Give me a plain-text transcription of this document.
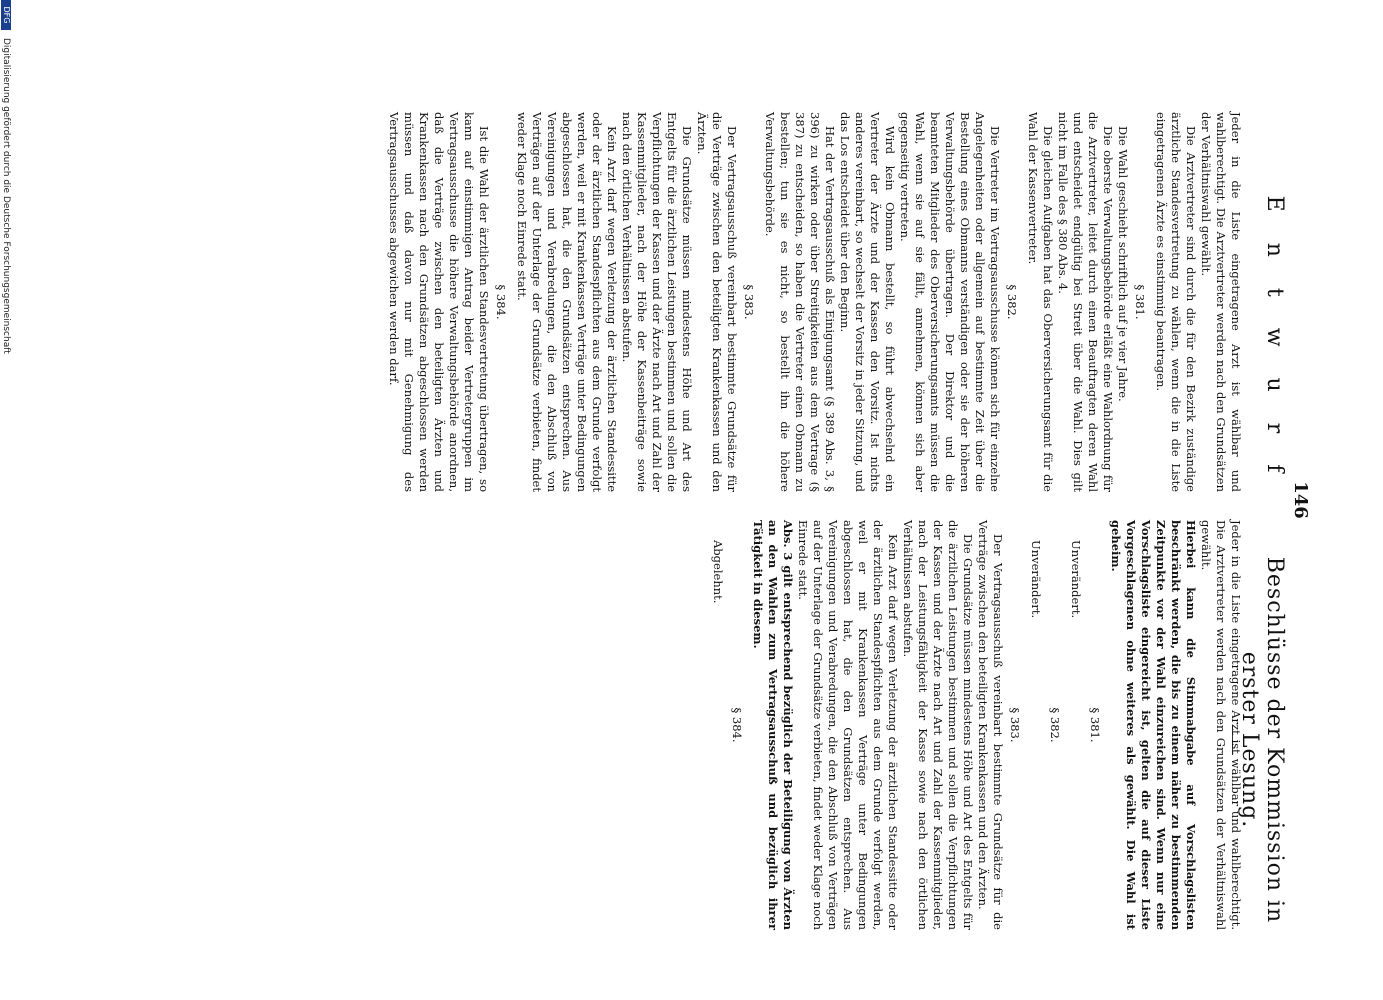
146
E n t w u r f
Beschlüsse der Kommission in erster Lesung.

Jeder in die Liste eingetragene Arzt ist wählbar und wahlberechtigt. Die Arztvertreter werden nach den Grundsätzen der Verhältniswahl gewählt.

Die Arztvertreter sind durch die für den Bezirk zuständige ärztliche Standesvertretung zu wählen, wenn die in die Liste eingetragenen Ärzte es einstimmig beantragen.

§ 381.

Die Wahl geschieht schriftlich auf je vier Jahre.

Die oberste Verwaltungsbehörde erläßt eine Wahlordnung für die Arztvertreter, leitet durch einen Beauftragten deren Wahl und entscheidet endgültig bei Streit über die Wahl. Dies gilt nicht im Falle des § 380 Abs. 4.

Die gleichen Aufgaben hat das Oberversicherungsamt für die Wahl der Kassenvertreter.

§ 382.

Die Vertreter im Vertragsausschusse können sich für einzelne Angelegenheiten oder allgemein auf bestimmte Zeit über die Bestellung eines Obmanns verständigen oder sie der höheren Verwaltungsbehörde übertragen. Der Direktor und die beamteten Mitglieder des Oberversicherungsamts müssen die Wahl, wenn sie auf sie fällt, annehmen, können sich aber gegenseitig vertreten.

Wird kein Obmann bestellt, so führt abwechselnd ein Vertreter der Ärzte und der Kassen den Vorsitz. Ist nichts anderes vereinbart, so wechselt der Vorsitz in jeder Sitzung, und das Los entscheidet über den Beginn.

Hat der Vertragsausschuß als Einigungsamt (§ 389 Abs. 3, § 396) zu wirken oder über Streitigkeiten aus dem Vertrage (§ 387) zu entscheiden, so haben die Vertreter einen Obmann zu bestellen; tun sie es nicht, so bestellt ihn die höhere Verwaltungsbehörde.

§ 383.

Der Vertragsausschuß vereinbart bestimmte Grundsätze für die Verträge zwischen den beteiligten Krankenkassen und den Ärzten.

Die Grundsätze müssen mindestens Höhe und Art des Entgelts für die ärztlichen Leistungen bestimmen und sollen die Verpflichtungen der Kassen und der Ärzte nach Art und Zahl der Kassenmitglieder, nach der Höhe der Kassenbeiträge sowie nach den örtlichen Verhältnissen abstufen.

Kein Arzt darf wegen Verletzung der ärztlichen Standessitte oder der ärztlichen Standespflichten aus dem Grunde verfolgt werden, weil er mit Krankenkassen Verträge unter Bedingungen abgeschlossen hat, die den Grundsätzen entsprechen. Aus Vereinigungen und Verabredungen, die den Abschluß von Verträgen auf der Unterlage der Grundsätze verbieten, findet weder Klage noch Einrede statt.

§ 384.

Ist die Wahl der ärztlichen Standesvertretung übertragen, so kann auf einstimmigen Antrag beider Vertretergruppen im Vertragsausschusse die höhere Verwaltungsbehörde anordnen, daß die Verträge zwischen den beteiligten Ärzten und Krankenkassen nach den Grundsätzen abgeschlossen werden müssen und daß davon nur mit Genehmigung des Vertragsausschusses abgewichen werden darf.

Jeder in die Liste eingetragene Arzt ist wählbar und wahlberechtigt. Die Arztvertreter werden nach den Grundsätzen der Verhältniswahl gewählt.

Hierbei kann die Stimmabgabe auf Vorschlagslisten beschränkt werden, die bis zu einem näher zu bestimmenden Zeitpunkte vor der Wahl einzureichen sind. Wenn nur eine Vorschlagsliste eingereicht ist, gelten die auf dieser Liste Vorgeschlagenen ohne weiteres als gewählt. Die Wahl ist geheim.

§ 381.

Unverändert.

§ 382.

Unverändert.

§ 383.

Der Vertragsausschuß vereinbart bestimmte Grundsätze für die Verträge zwischen den beteiligten Krankenkassen und den Ärzten.

Die Grundsätze müssen mindestens Höhe und Art des Entgelts für die ärztlichen Leistungen bestimmen und sollen die Verpflichtungen der Kassen und der Ärzte nach Art und Zahl der Kassenmitglieder, nach der Leistungsfähigkeit der Kasse sowie nach den örtlichen Verhältnissen abstufen.

Kein Arzt darf wegen Verletzung der ärztlichen Standessitte oder der ärztlichen Standespflichten aus dem Grunde verfolgt werden, weil er mit Krankenkassen Verträge unter Bedingungen abgeschlossen hat, die den Grundsätzen entsprechen. Aus Vereinigungen und Verabredungen, die den Abschluß von Verträgen auf der Unterlage der Grundsätze verbieten, findet weder Klage noch Einrede statt.

Abs. 3 gilt entsprechend bezüglich der Beteiligung von Ärzten an den Wahlen zum Vertragsausschuß und bezüglich ihrer Tätigkeit in diesem.

§ 384.

Abgelehnt.

DFG
Digitalisierung gefördert durch die Deutsche Forschungsgemeinschaft
